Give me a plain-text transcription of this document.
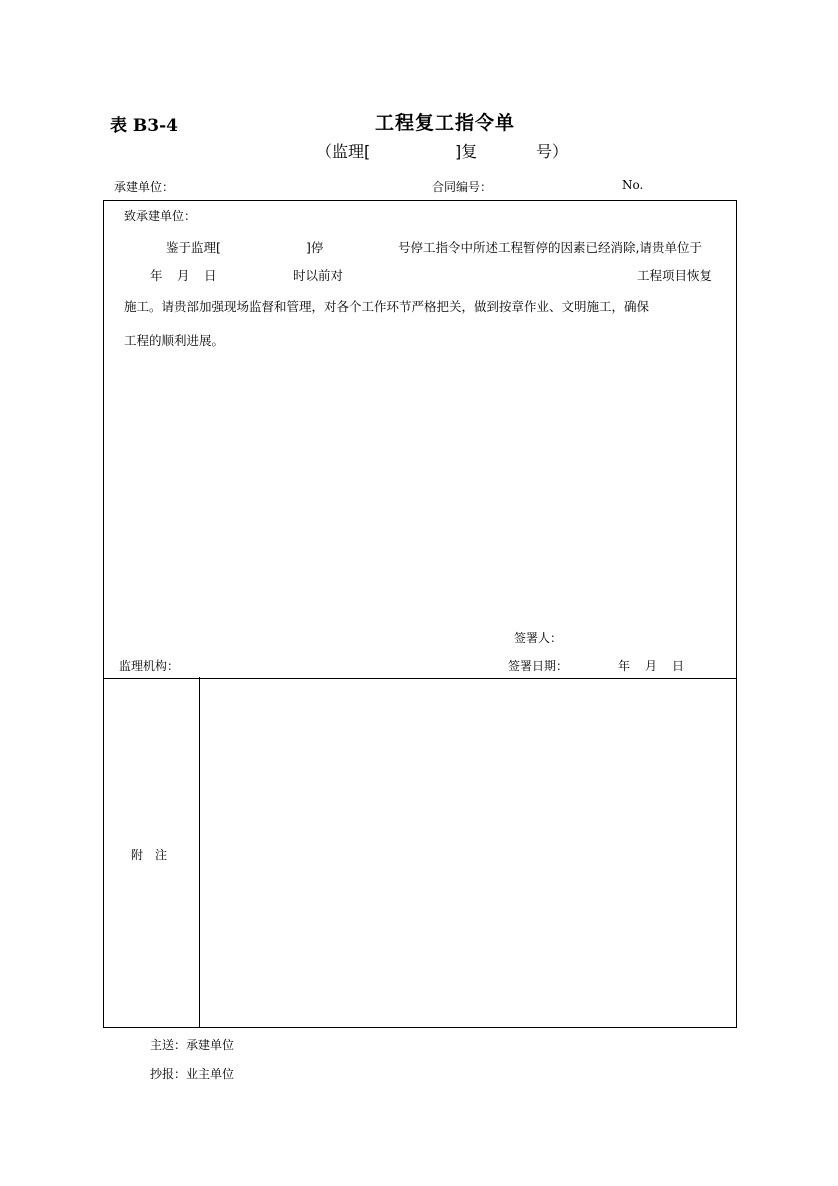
表 B3-4	工程复工指令单
（监理[	]复	号）
承建单位：	合同编号：	No.
致承建单位：
鉴于监理[	]停	号停工指令中所述工程暂停的因素已经消除,请贵单位于
年 月 日	时以前对	工程项目恢复
施工。请贵部加强现场监督和管理，对各个工作环节严格把关，做到按章作业、文明施工，确保
工程的顺利进展。
签署人：
监理机构：	签署日期：	年 月 日
附　注
主送：承建单位
抄报：业主单位
